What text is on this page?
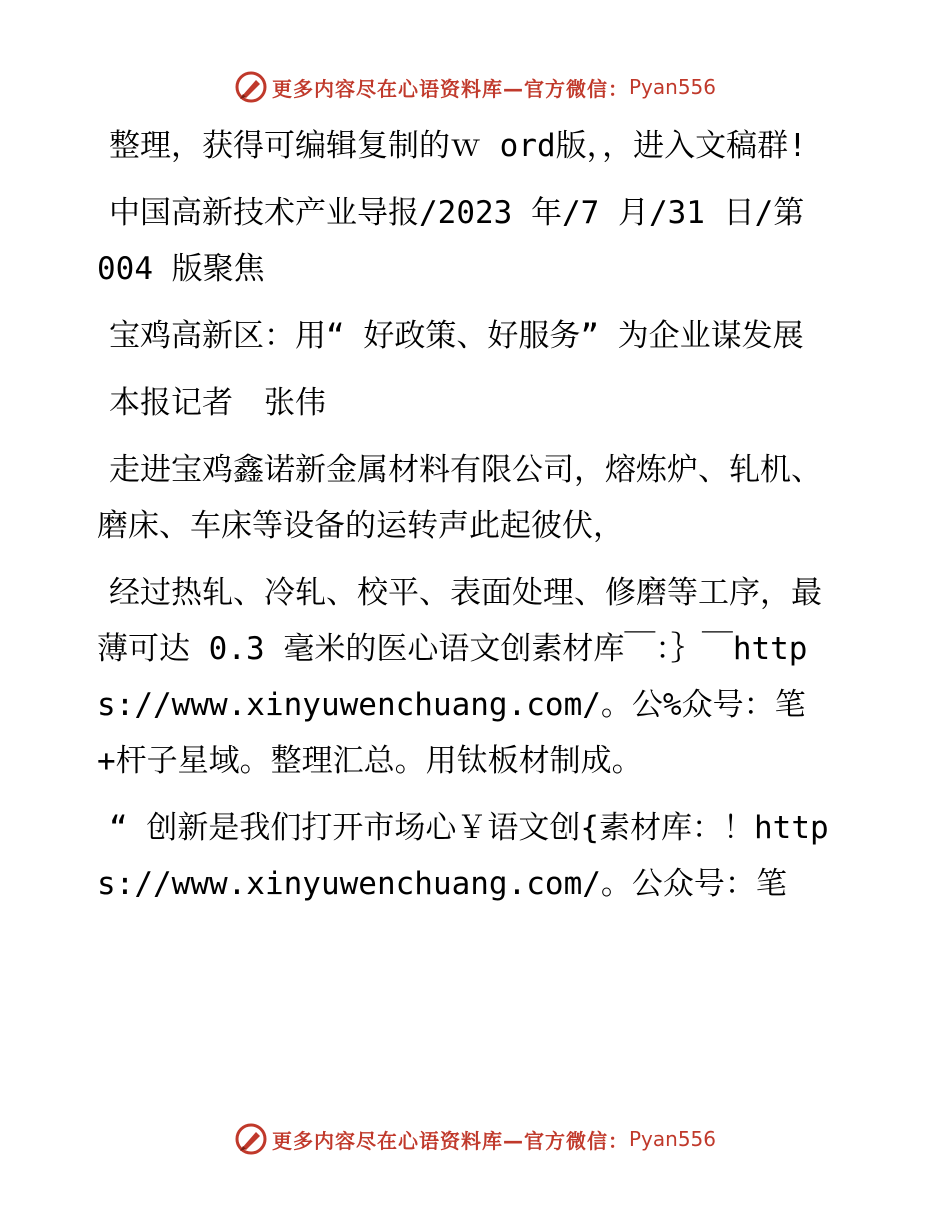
更多内容尽在心语资料库—官方微信： Pyan556

整理，获得可编辑复制的ｗ ord版，，进入文稿群!

中国高新技术产业导报/2023 年/7 月/31 日/第 004 版聚焦

宝鸡高新区：用“ 好政策、好服务” 为企业谋发展

本报记者　张伟

走进宝鸡鑫诺新金属材料有限公司，熔炼炉、轧机、磨床、车床等设备的运转声此起彼伏，

经过热轧、冷轧、校平、表面处理、修磨等工序，最薄可达 0.3 毫米的医心语文创素材库￣：｝￣https://www.xinyuwenchuang.com/。公%众号：笔+杆子星域。整理汇总。用钛板材制成。

“ 创新是我们打开市场心￥语文创{素材库：！https://www.xinyuwenchuang.com/。公众号：笔

更多内容尽在心语资料库—官方微信： Pyan556
